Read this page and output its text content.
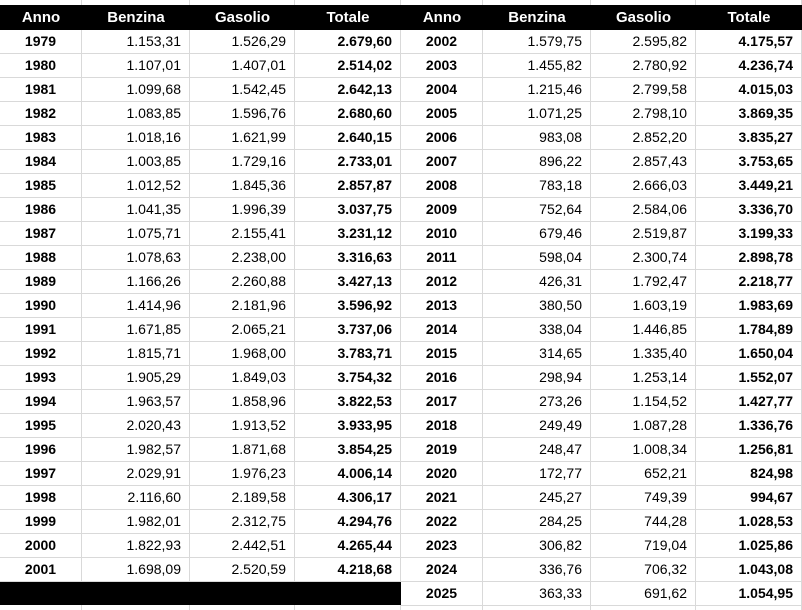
Anno	Benzina	Gasolio	Totale
1979	1.153,31	1.526,29	2.679,60
1980	1.107,01	1.407,01	2.514,02
1981	1.099,68	1.542,45	2.642,13
1982	1.083,85	1.596,76	2.680,60
1983	1.018,16	1.621,99	2.640,15
1984	1.003,85	1.729,16	2.733,01
1985	1.012,52	1.845,36	2.857,87
1986	1.041,35	1.996,39	3.037,75
1987	1.075,71	2.155,41	3.231,12
1988	1.078,63	2.238,00	3.316,63
1989	1.166,26	2.260,88	3.427,13
1990	1.414,96	2.181,96	3.596,92
1991	1.671,85	2.065,21	3.737,06
1992	1.815,71	1.968,00	3.783,71
1993	1.905,29	1.849,03	3.754,32
1994	1.963,57	1.858,96	3.822,53
1995	2.020,43	1.913,52	3.933,95
1996	1.982,57	1.871,68	3.854,25
1997	2.029,91	1.976,23	4.006,14
1998	2.116,60	2.189,58	4.306,17
1999	1.982,01	2.312,75	4.294,76
2000	1.822,93	2.442,51	4.265,44
2001	1.698,09	2.520,59	4.218,68
Anno	Benzina	Gasolio	Totale
2002	1.579,75	2.595,82	4.175,57
2003	1.455,82	2.780,92	4.236,74
2004	1.215,46	2.799,58	4.015,03
2005	1.071,25	2.798,10	3.869,35
2006	983,08	2.852,20	3.835,27
2007	896,22	2.857,43	3.753,65
2008	783,18	2.666,03	3.449,21
2009	752,64	2.584,06	3.336,70
2010	679,46	2.519,87	3.199,33
2011	598,04	2.300,74	2.898,78
2012	426,31	1.792,47	2.218,77
2013	380,50	1.603,19	1.983,69
2014	338,04	1.446,85	1.784,89
2015	314,65	1.335,40	1.650,04
2016	298,94	1.253,14	1.552,07
2017	273,26	1.154,52	1.427,77
2018	249,49	1.087,28	1.336,76
2019	248,47	1.008,34	1.256,81
2020	172,77	652,21	824,98
2021	245,27	749,39	994,67
2022	284,25	744,28	1.028,53
2023	306,82	719,04	1.025,86
2024	336,76	706,32	1.043,08
2025	363,33	691,62	1.054,95
